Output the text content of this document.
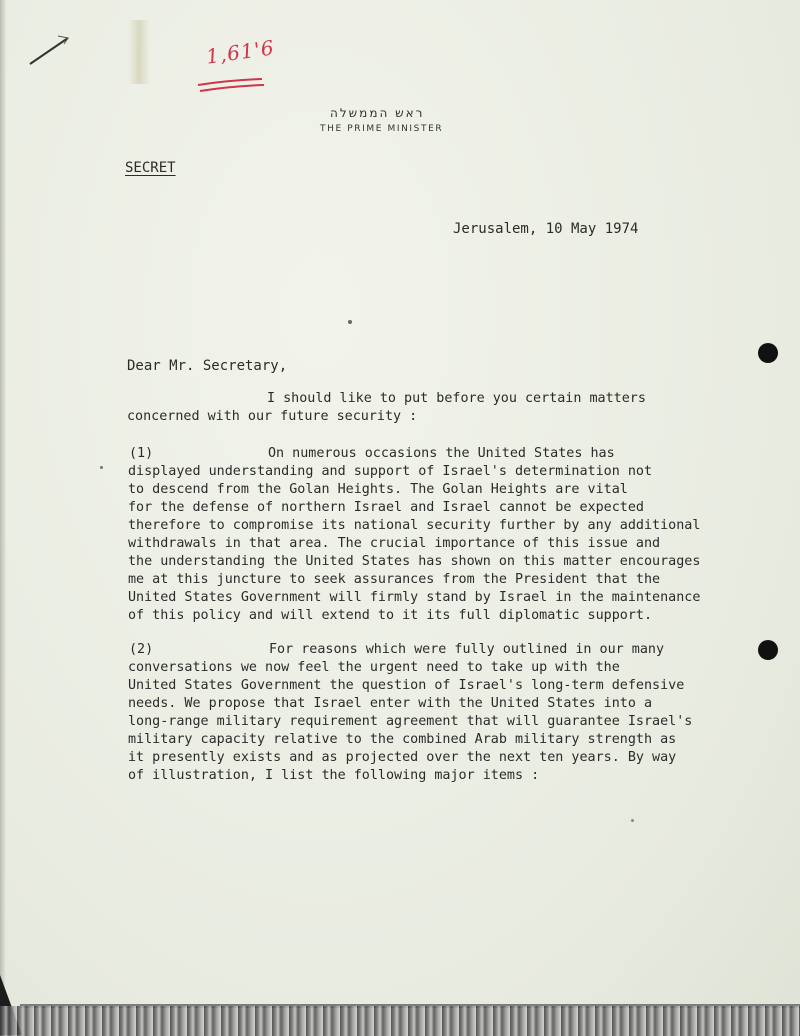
1,61'6
ראש הממשלה
THE PRIME MINISTER
SECRET
Jerusalem, 10 May 1974
Dear Mr. Secretary,
I should like to put before you certain matters
concerned with our future security :
(1)	On numerous occasions the United States has
displayed understanding and support of Israel's determination not
to descend from the Golan Heights. The Golan Heights are vital
for the defense of northern Israel and Israel cannot be expected
therefore to compromise its national security further by any additional
withdrawals in that area. The crucial importance of this issue and
the understanding the United States has shown on this matter encourages
me at this juncture to seek assurances from the President that the
United States Government will firmly stand by Israel in the maintenance
of this policy and will extend to it its full diplomatic support.
(2)	For reasons which were fully outlined in our many
conversations we now feel the urgent need to take up with the
United States Government the question of Israel's long-term defensive
needs. We propose that Israel enter with the United States into a
long-range military requirement agreement that will guarantee Israel's
military capacity relative to the combined Arab military strength as
it presently exists and as projected over the next ten years. By way
of illustration, I list the following major items :
